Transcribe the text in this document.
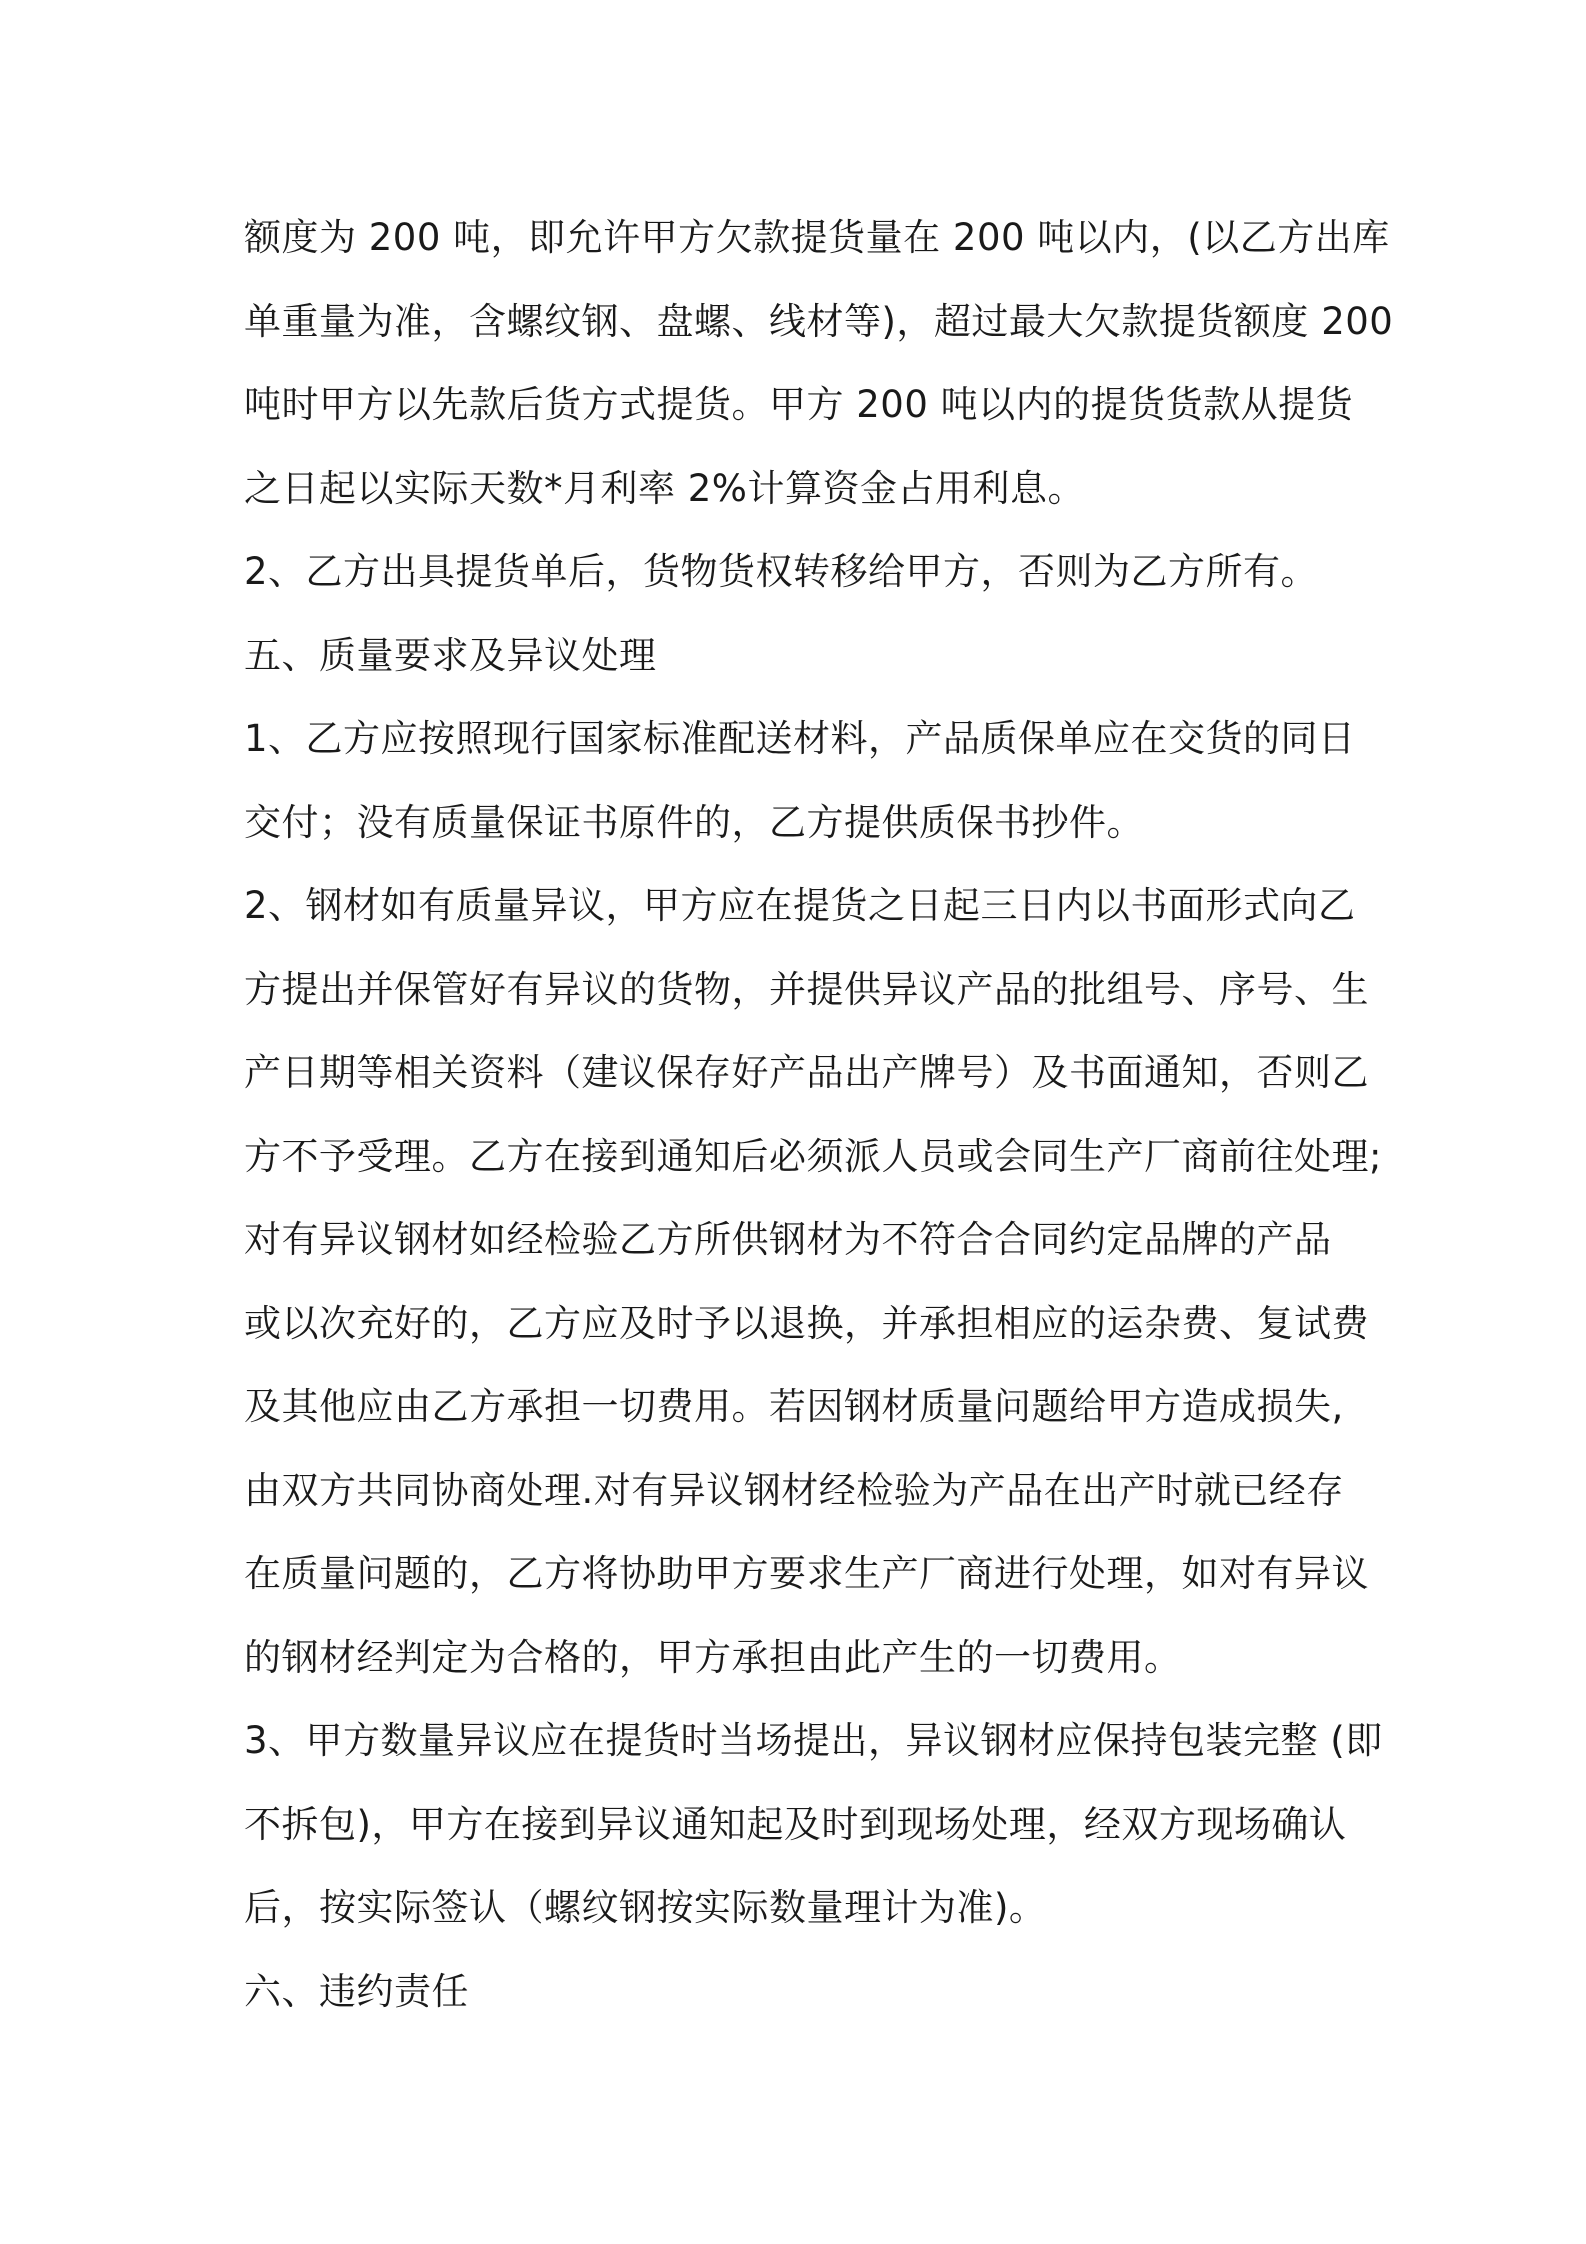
额度为 200 吨，即允许甲方欠款提货量在 200 吨以内，(以乙方出库
单重量为准，含螺纹钢、盘螺、线材等)，超过最大欠款提货额度 200
吨时甲方以先款后货方式提货。甲方 200 吨以内的提货货款从提货
之日起以实际天数*月利率 2%计算资金占用利息。
2、乙方出具提货单后，货物货权转移给甲方，否则为乙方所有。
五、质量要求及异议处理
1、乙方应按照现行国家标准配送材料，产品质保单应在交货的同日
交付；没有质量保证书原件的，乙方提供质保书抄件。
2、钢材如有质量异议，甲方应在提货之日起三日内以书面形式向乙
方提出并保管好有异议的货物，并提供异议产品的批组号、序号、生
产日期等相关资料（建议保存好产品出产牌号）及书面通知，否则乙
方不予受理。乙方在接到通知后必须派人员或会同生产厂商前往处理;
对有异议钢材如经检验乙方所供钢材为不符合合同约定品牌的产品
或以次充好的，乙方应及时予以退换，并承担相应的运杂费、复试费
及其他应由乙方承担一切费用。若因钢材质量问题给甲方造成损失,
由双方共同协商处理.对有异议钢材经检验为产品在出产时就已经存
在质量问题的，乙方将协助甲方要求生产厂商进行处理，如对有异议
的钢材经判定为合格的，甲方承担由此产生的一切费用。
3、甲方数量异议应在提货时当场提出，异议钢材应保持包装完整 (即
不拆包)，甲方在接到异议通知起及时到现场处理，经双方现场确认
后，按实际签认（螺纹钢按实际数量理计为准)。
六、违约责任
